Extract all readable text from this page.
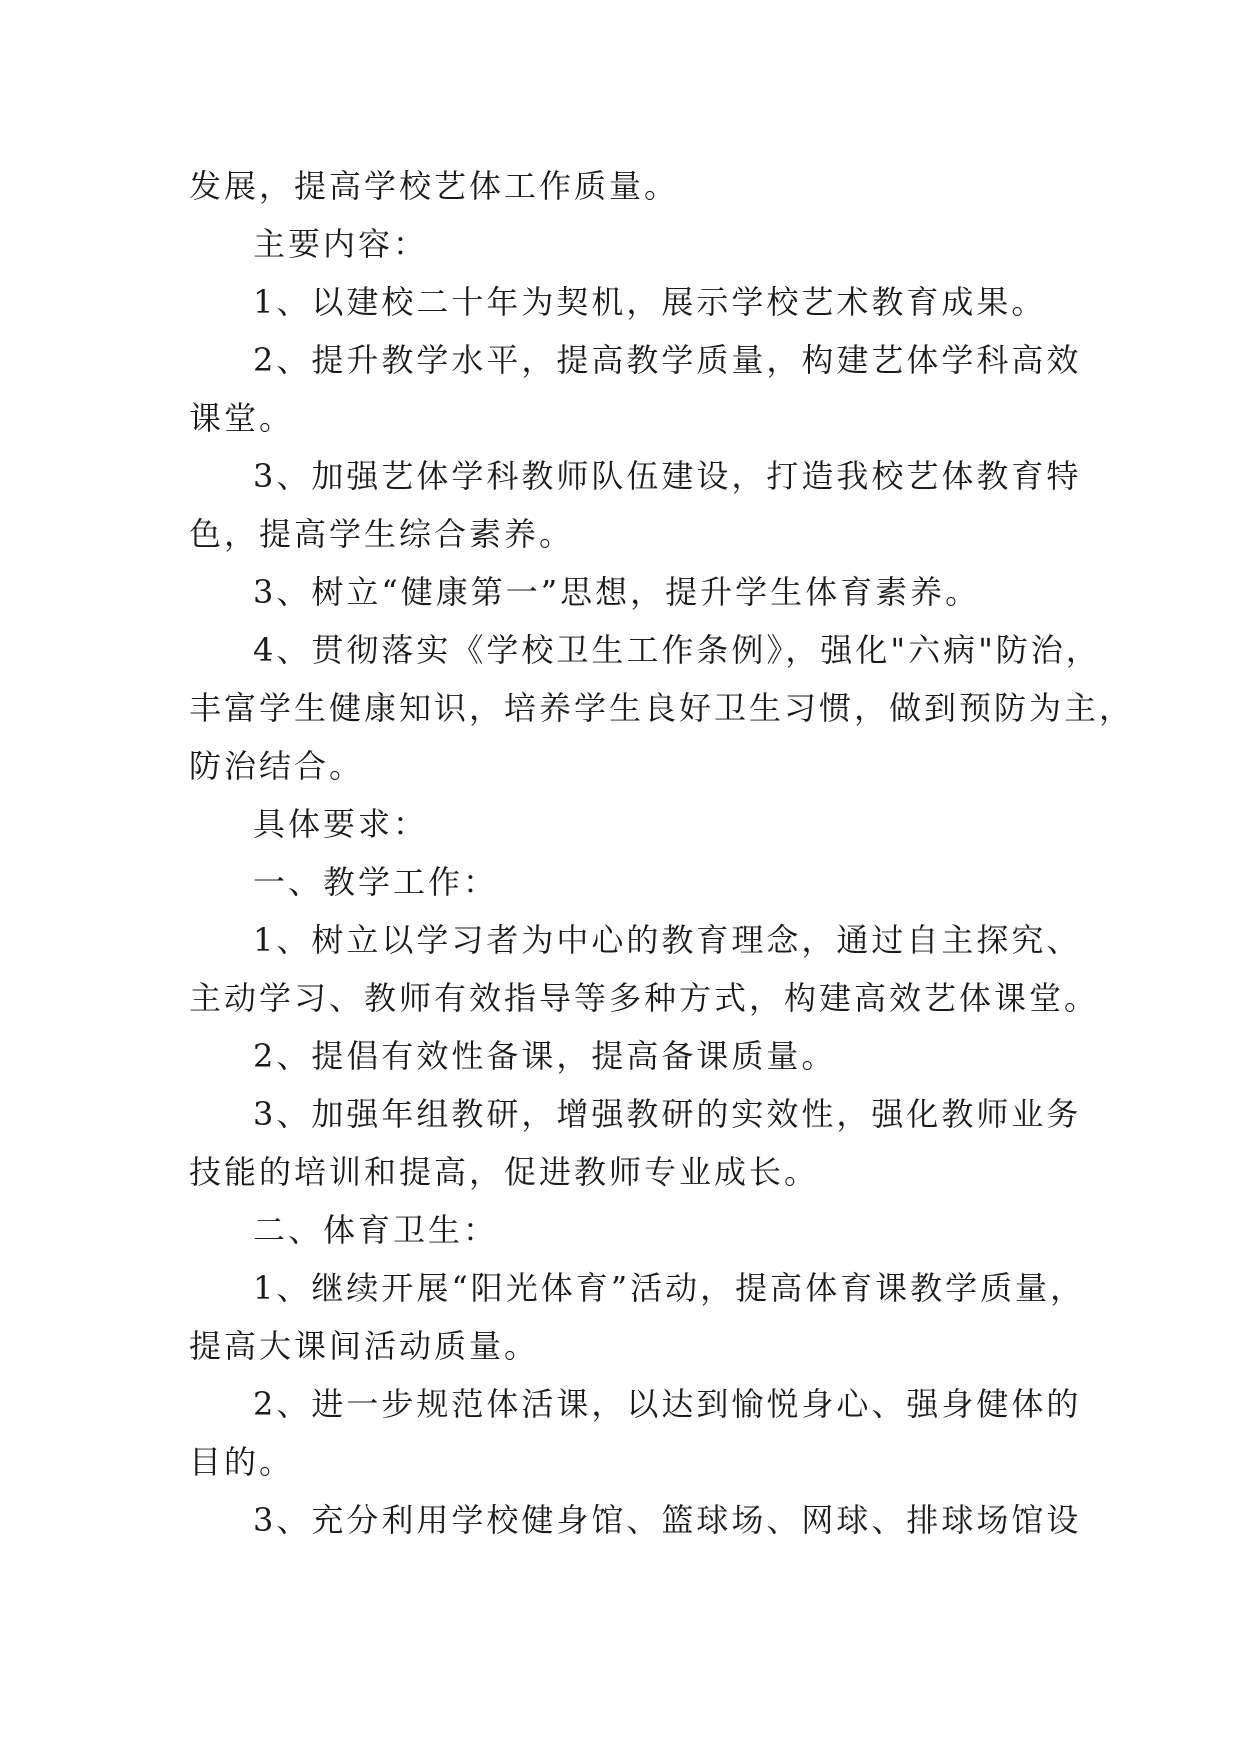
发展，提高学校艺体工作质量。
主要内容：
1、以建校二十年为契机，展示学校艺术教育成果。
2、提升教学水平，提高教学质量，构建艺体学科高效
课堂。
3、加强艺体学科教师队伍建设，打造我校艺体教育特
色，提高学生综合素养。
3、树立“健康第一”思想，提升学生体育素养。
4、贯彻落实《学校卫生工作条例》，强化"六病"防治，
丰富学生健康知识，培养学生良好卫生习惯，做到预防为主，
防治结合。
具体要求：
一、教学工作：
1、树立以学习者为中心的教育理念，通过自主探究、
主动学习、教师有效指导等多种方式，构建高效艺体课堂。
2、提倡有效性备课，提高备课质量。
3、加强年组教研，增强教研的实效性，强化教师业务
技能的培训和提高，促进教师专业成长。
二、体育卫生：
1、继续开展“阳光体育”活动，提高体育课教学质量，
提高大课间活动质量。
2、进一步规范体活课，以达到愉悦身心、强身健体的
目的。
3、充分利用学校健身馆、篮球场、网球、排球场馆设
